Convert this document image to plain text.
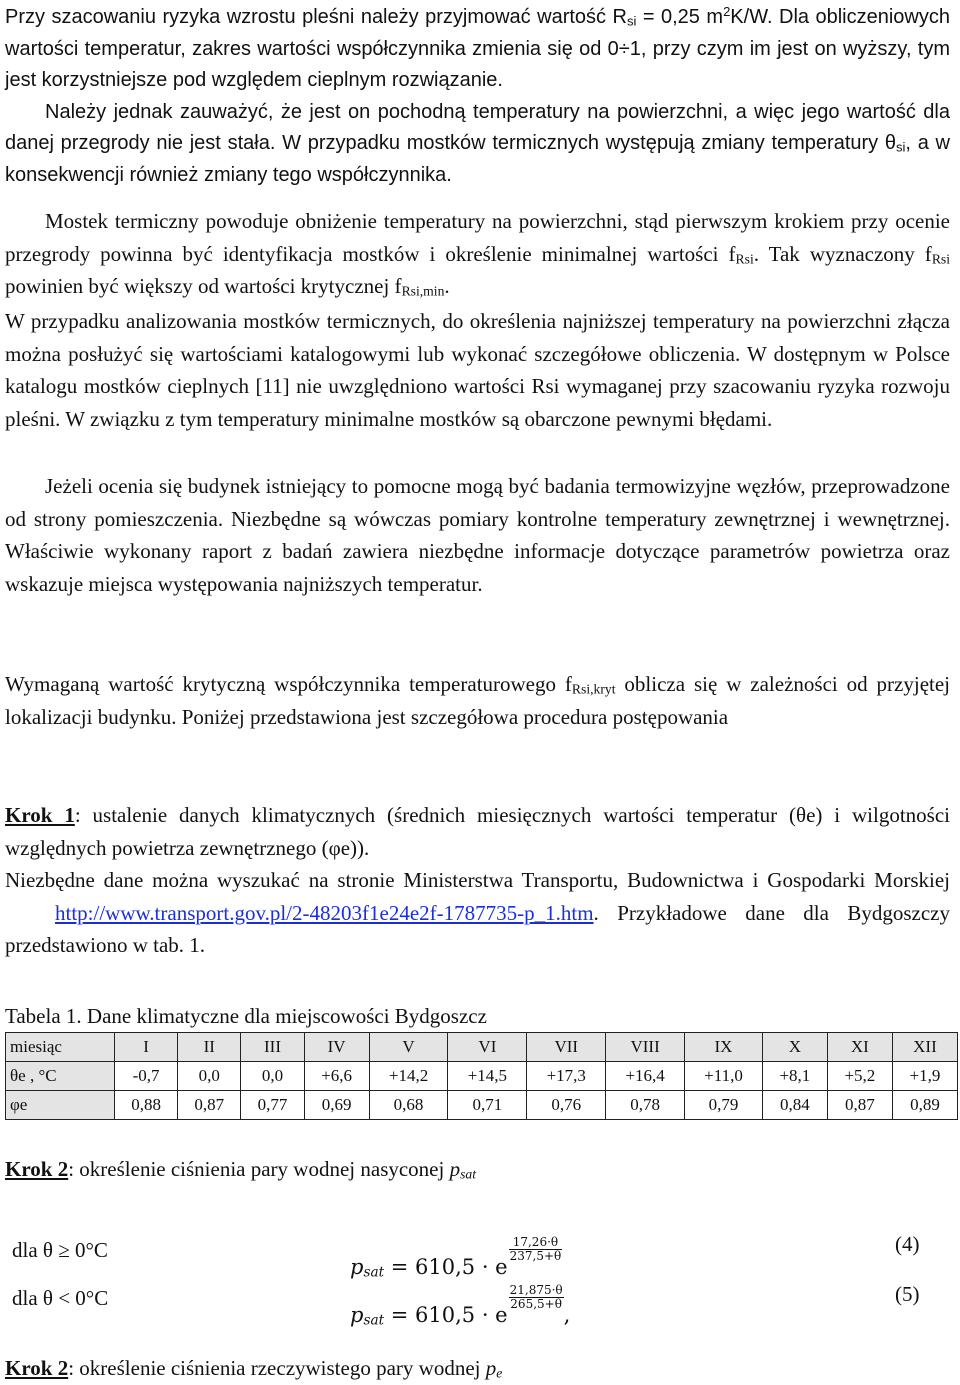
Przy szacowaniu ryzyka wzrostu pleśni należy przyjmować wartość $R_{si} = 0,25$ $m^2K/W$. Dla obliczeniowych wartości temperatur, zakres wartości współczynnika zmienia się od 0÷1, przy czym im jest on wyższy, tym jest korzystniejsze pod względem cieplnym rozwiązanie.
Należy jednak zauważyć, że jest on pochodną temperatury na powierzchni, a więc jego wartość dla danej przegrody nie jest stała. W przypadku mostków termicznych występują zmiany temperatury $\theta_{si}$, a w konsekwencji również zmiany tego współczynnika.

Mostek termiczny powoduje obniżenie temperatury na powierzchni, stąd pierwszym krokiem przy ocenie przegrody powinna być identyfikacja mostków i określenie minimalnej wartości $f_{Rsi}$. Tak wyznaczony $f_{Rsi}$ powinien być większy od wartości krytycznej $f_{Rsi,min}$.

W przypadku analizowania mostków termicznych, do określenia najniższej temperatury na powierzchni złącza można posłużyć się wartościami katalogowymi lub wykonać szczegółowe obliczenia. W dostępnym w Polsce katalogu mostków cieplnych [11] nie uwzględniono wartości Rsi wymaganej przy szacowaniu ryzyka rozwoju pleśni. W związku z tym temperatury minimalne mostków są obarczone pewnymi błędami.

Jeżeli ocenia się budynek istniejący to pomocne mogą być badania termowizyjne węzłów, przeprowadzone od strony pomieszczenia. Niezbędne są wówczas pomiary kontrolne temperatury zewnętrznej i wewnętrznej. Właściwie wykonany raport z badań zawiera niezbędne informacje dotyczące parametrów powietrza oraz wskazuje miejsca występowania najniższych temperatur.

Wymaganą wartość krytyczną współczynnika temperaturowego $f_{Rsi,kryt}$ oblicza się w zależności od przyjętej lokalizacji budynku. Poniżej przedstawiona jest szczegółowa procedura postępowania

Krok 1: ustalenie danych klimatycznych (średnich miesięcznych wartości temperatur (θe) i wilgotności względnych powietrza zewnętrznego (φe)).
Niezbędne dane można wyszukać na stronie Ministerstwa Transportu, Budownictwa i Gospodarki Morskiej http://www.transport.gov.pl/2-48203f1e24e2f-1787735-p_1.htm. Przykładowe dane dla Bydgoszczy przedstawiono w tab. 1.

Tabela 1. Dane klimatyczne dla miejscowości Bydgoszcz
miesiąc	I	II	III	IV	V	VI	VII	VIII	IX	X	XI	XII
θe , °C	-0,7	0,0	0,0	+6,6	+14,2	+14,5	+17,3	+16,4	+11,0	+8,1	+5,2	+1,9
φe	0,88	0,87	0,77	0,69	0,68	0,71	0,76	0,78	0,79	0,84	0,87	0,89

Krok 2: określenie ciśnienia pary wodnej nasyconej $p_{sat}$

dla θ ≥ 0°C
$p_{sat} = 610,5 \cdot e$
$\frac{17,26\cdot\theta}{237,5+\theta}$	(4)
dla θ < 0°C
$p_{sat} = 610,5 \cdot e$
$\frac{21,875\cdot\theta}{265,5+\theta}$
,
(5)

Krok 2: określenie ciśnienia rzeczywistego pary wodnej $p_e$
